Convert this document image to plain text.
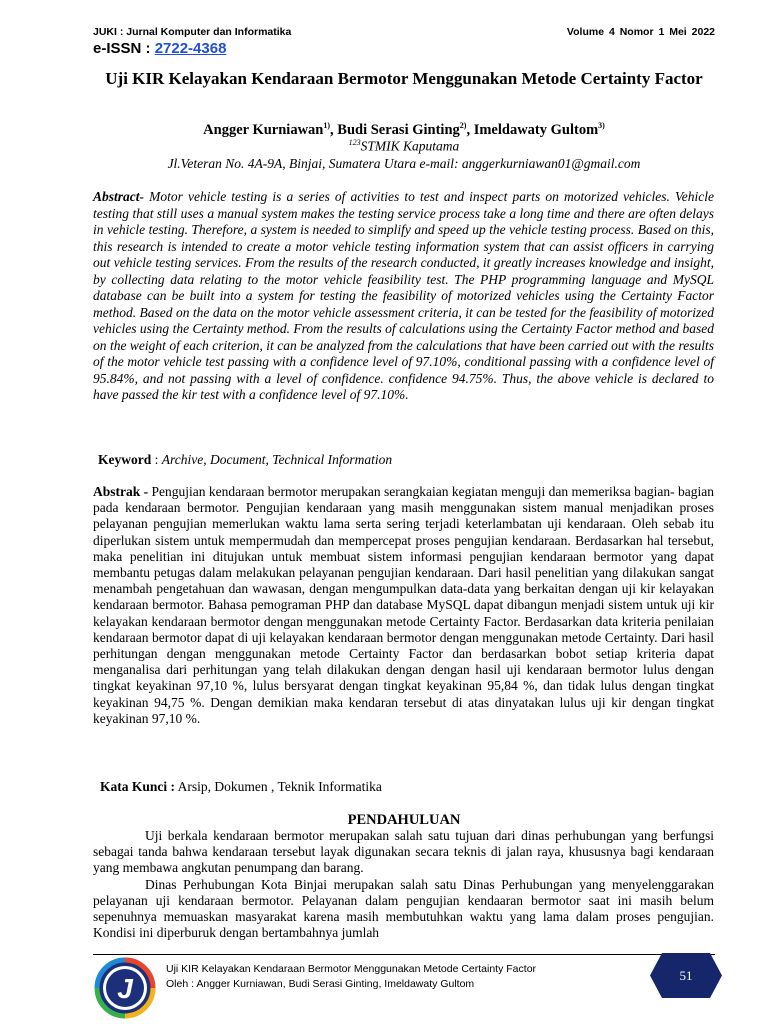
JUKI : Jurnal Komputer dan Informatika	Volume 4 Nomor 1 Mei 2022
e-ISSN : 2722-4368
Uji KIR Kelayakan Kendaraan Bermotor Menggunakan Metode Certainty Factor
Angger Kurniawan$^{1)}$, Budi Serasi Ginting$^{2)}$, Imeldawaty Gultom$^{3)}$
$^{123}$STMIK Kaputama
Jl.Veteran No. 4A-9A, Binjai, Sumatera Utara e-mail: anggerkurniawan01@gmail.com
Abstract- Motor vehicle testing is a series of activities to test and inspect parts on motorized vehicles. Vehicle testing that still uses a manual system makes the testing service process take a long time and there are often delays in vehicle testing. Therefore, a system is needed to simplify and speed up the vehicle testing process. Based on this, this research is intended to create a motor vehicle testing information system that can assist officers in carrying out vehicle testing services. From the results of the research conducted, it greatly increases knowledge and insight, by collecting data relating to the motor vehicle feasibility test. The PHP programming language and MySQL database can be built into a system for testing the feasibility of motorized vehicles using the Certainty Factor method. Based on the data on the motor vehicle assessment criteria, it can be tested for the feasibility of motorized vehicles using the Certainty method. From the results of calculations using the Certainty Factor method and based on the weight of each criterion, it can be analyzed from the calculations that have been carried out with the results of the motor vehicle test passing with a confidence level of 97.10%, conditional passing with a confidence level of 95.84%, and not passing with a level of confidence. confidence 94.75%. Thus, the above vehicle is declared to have passed the kir test with a confidence level of 97.10%.
Keyword : Archive, Document, Technical Information
Abstrak - Pengujian kendaraan bermotor merupakan serangkaian kegiatan menguji dan memeriksa bagian- bagian pada kendaraan bermotor. Pengujian kendaraan yang masih menggunakan sistem manual menjadikan proses pelayanan pengujian memerlukan waktu lama serta sering terjadi keterlambatan uji kendaraan. Oleh sebab itu diperlukan sistem untuk mempermudah dan mempercepat proses pengujian kendaraan. Berdasarkan hal tersebut, maka penelitian ini ditujukan untuk membuat sistem informasi pengujian kendaraan bermotor yang dapat membantu petugas dalam melakukan pelayanan pengujian kendaraan. Dari hasil penelitian yang dilakukan sangat menambah pengetahuan dan wawasan, dengan mengumpulkan data-data yang berkaitan dengan uji kir kelayakan kendaraan bermotor. Bahasa pemograman PHP dan database MySQL dapat dibangun menjadi sistem untuk uji kir kelayakan kendaraan bermotor dengan menggunakan metode Certainty Factor. Berdasarkan data kriteria penilaian kendaraan bermotor dapat di uji kelayakan kendaraan bermotor dengan menggunakan metode Certainty. Dari hasil perhitungan dengan menggunakan metode Certainty Factor dan berdasarkan bobot setiap kriteria dapat menganalisa dari perhitungan yang telah dilakukan dengan dengan hasil uji kendaraan bermotor lulus dengan tingkat keyakinan 97,10 %, lulus bersyarat dengan tingkat keyakinan 95,84 %, dan tidak lulus dengan tingkat keyakinan 94,75 %. Dengan demikian maka kendaran tersebut di atas dinyatakan lulus uji kir dengan tingkat keyakinan 97,10 %.
Kata Kunci : Arsip, Dokumen , Teknik Informatika
PENDAHULUAN

Uji berkala kendaraan bermotor merupakan salah satu tujuan dari dinas perhubungan yang berfungsi sebagai tanda bahwa kendaraan tersebut layak digunakan secara teknis di jalan raya, khususnya bagi kendaraan yang membawa angkutan penumpang dan barang.

Dinas Perhubungan Kota Binjai merupakan salah satu Dinas Perhubungan yang menyelenggarakan pelayanan uji kendaraan bermotor. Pelayanan dalam pengujian kendaaran bermotor saat ini masih belum sepenuhnya memuaskan masyarakat karena masih membutuhkan waktu yang lama dalam proses pengujian. Kondisi ini diperburuk dengan bertambahnya jumlah

J
Uji KIR Kelayakan Kendaraan Bermotor Menggunakan Metode Certainty Factor
Oleh : Angger Kurniawan, Budi Serasi Ginting, Imeldawaty Gultom
51
